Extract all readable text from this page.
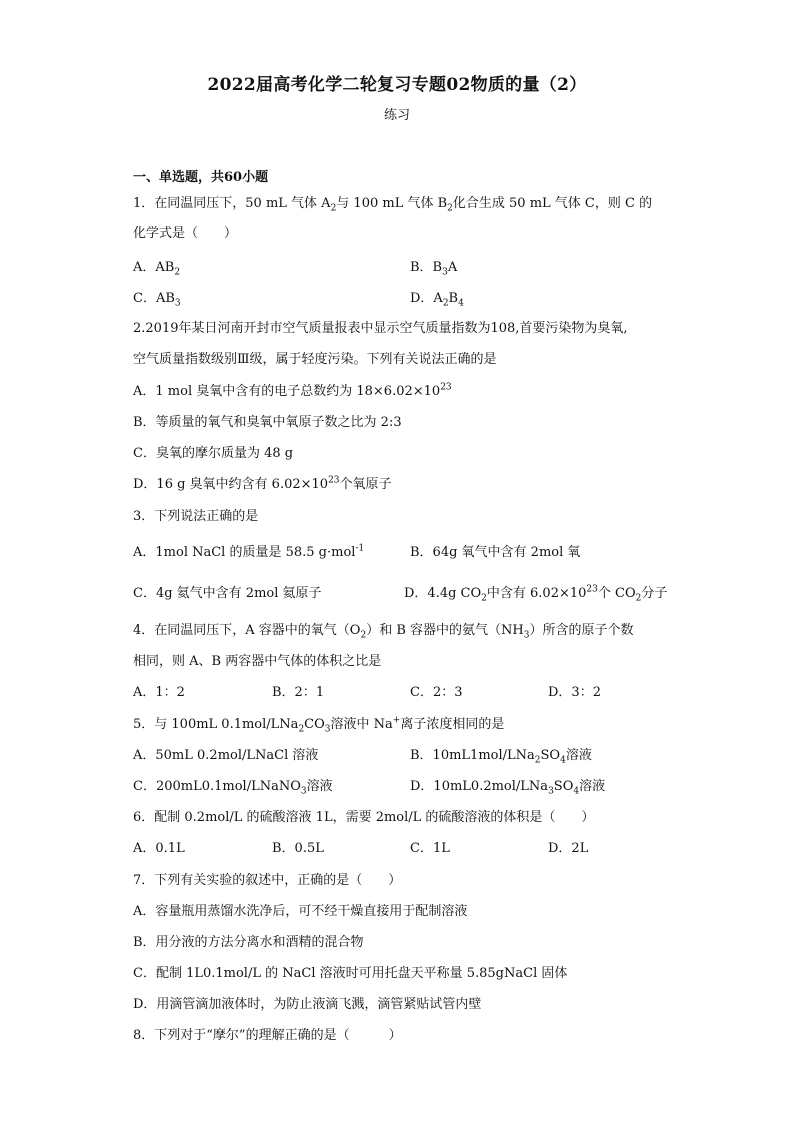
2022届高考化学二轮复习专题02物质的量（2）
练习
一、单选题，共60小题
1．在同温同压下，50 mL 气体 $A_2$与 100 mL 气体 $B_2$化合生成 50 mL 气体 C，则 C 的
化学式是（　　）
A．$AB_2$	B．$B_3A$
C．$AB_3$	D．$A_2B_4$
2.2019年某日河南开封市空气质量报表中显示空气质量指数为108,首要污染物为臭氧,
空气质量指数级别Ⅲ级，属于轻度污染。下列有关说法正确的是
A．1 mol 臭氧中含有的电子总数约为 $18\times 6.02\times 10^{23}$
B．等质量的氧气和臭氧中氧原子数之比为 2:3
C．臭氧的摩尔质量为 48 g
D．16 g 臭氧中约含有 $6.02\times 10^{23}$个氧原子
3．下列说法正确的是
A．1mol NaCl 的质量是 58.5 g·mol$^{-1}$	B．64g 氧气中含有 2mol 氧
C．4g 氦气中含有 2mol 氦原子	D．4.4g $CO_2$中含有 $6.02\times 10^{23}$个 $CO_2$分子
4．在同温同压下，A 容器中的氧气$(O_2)$和 B 容器中的氨气$(NH_3)$所含的原子个数
相同，则 A、B 两容器中气体的体积之比是
A．1：2	B．2：1	C．2：3	D．3：2
5．与 100mL $0.1mol/LNa_2CO_3$溶液中 Na+离子浓度相同的是
A．50mL 0.2mol/LNaCl 溶液	B．$10mL1mol/LNa_2SO_4$溶液
C．200mL0.1mol/LNaNO$_3$溶液	D．$10mL0.2mol/LNa_3SO_4$溶液
6．配制 0.2mol/L 的硫酸溶液 1L，需要 2mol/L 的硫酸溶液的体积是（　　）
A．0.1L	B．0.5L	C．1L	D．2L
7．下列有关实验的叙述中，正确的是（　　）
A．容量瓶用蒸馏水洗净后，可不经干燥直接用于配制溶液
B．用分液的方法分离水和酒精的混合物
C．配制 1L0.1mol/L 的 NaCl 溶液时可用托盘天平称量 5.85gNaCl 固体
D．用滴管滴加液体时，为防止液滴飞溅，滴管紧贴试管内壁
8．下列对于“摩尔”的理解正确的是（　　　）
